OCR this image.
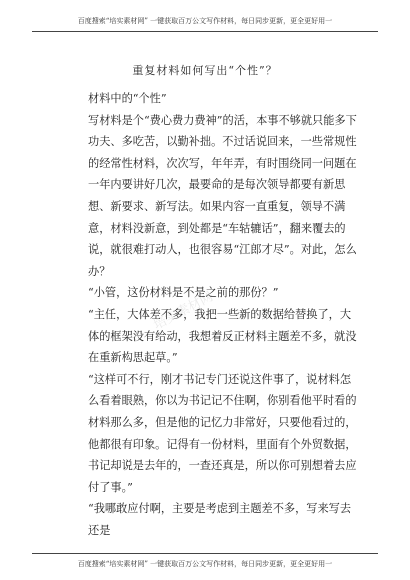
百度搜索“培实素材网” 一键获取百万公文写作材料，每日同步更新，更全更好用一
培实素材网
重复材料如何写出“个性”？

材料中的“个性”

写材料是个“费心费力费神”的活，本事不够就只能多下功夫、多吃苦，以勤补拙。不过话说回来，一些常规性的经常性材料，次次写，年年弄，有时围绕同一问题在一年内要讲好几次，最要命的是每次领导都要有新思想、新要求、新写法。如果内容一直重复，领导不满意，材料没新意，到处都是“车轱辘话”，翻来覆去的说，就很难打动人，也很容易“江郎才尽”。对此，怎么办？

“小管，这份材料是不是之前的那份？”

“主任，大体差不多，我把一些新的数据给替换了，大体的框架没有给动，我想着反正材料主题差不多，就没在重新构思起草。”

“这样可不行，刚才书记专门还说这件事了，说材料怎么看着眼熟，你以为书记记不住啊，你别看他平时看的材料那么多，但是他的记忆力非常好，只要他看过的，他都很有印象。记得有一份材料，里面有个外贸数据，书记却说是去年的，一查还真是，所以你可别想着去应付了事。”

“我哪敢应付啊，主要是考虑到主题差不多，写来写去还是

百度搜索“培实素材网” 一键获取百万公文写作材料，每日同步更新，更全更好用一
